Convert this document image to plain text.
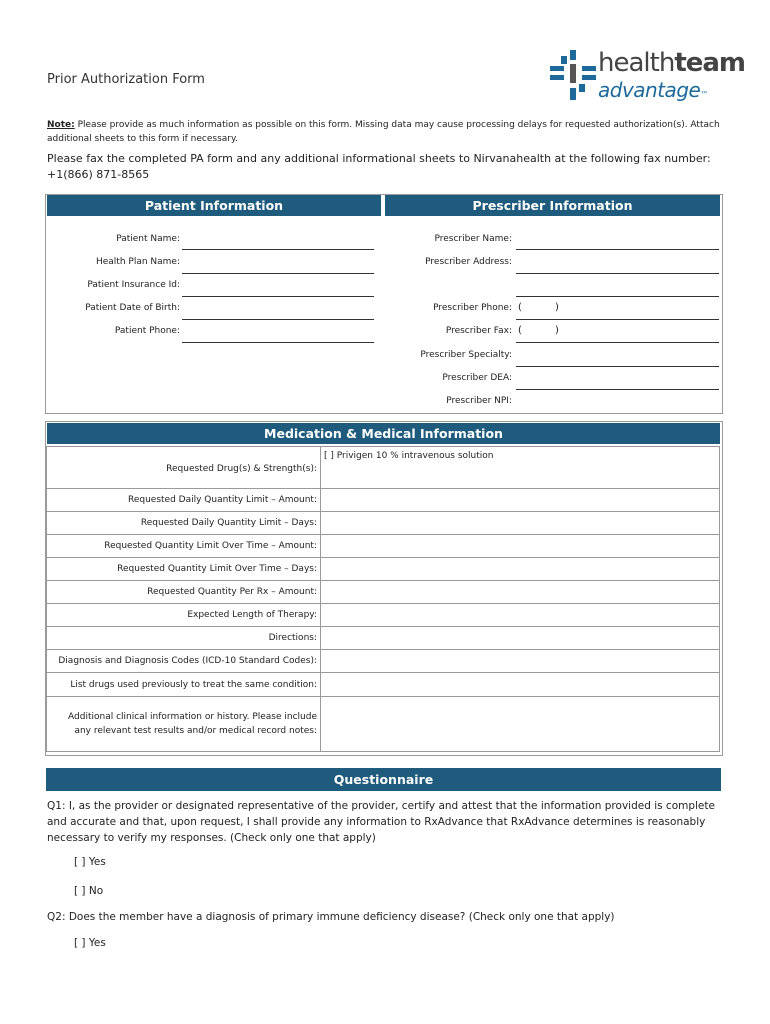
Prior Authorization Form
healthteam
advantage™
Note: Please provide as much information as possible on this form. Missing data may cause processing delays for requested authorization(s). Attach additional sheets to this form if necessary.
Please fax the completed PA form and any additional informational sheets to Nirvanahealth at the following fax number: +1(866) 871-8565
Patient Information	Prescriber Information
Patient Name:
Health Plan Name:
Patient Insurance Id:
Patient Date of Birth:
Patient Phone:
Prescriber Name:
Prescriber Address:
Prescriber Phone: (	)
Prescriber Fax: (	)
Prescriber Specialty:
Prescriber DEA:
Prescriber NPI:
Medication & Medical Information
Requested Drug(s) & Strength(s):	[ ] Privigen 10 % intravenous solution
Requested Daily Quantity Limit – Amount:	
Requested Daily Quantity Limit – Days:	
Requested Quantity Limit Over Time – Amount:	
Requested Quantity Limit Over Time – Days:	
Requested Quantity Per Rx – Amount:	
Expected Length of Therapy:	
Directions:	
Diagnosis and Diagnosis Codes (ICD-10 Standard Codes):	
List drugs used previously to treat the same condition:	
Additional clinical information or history. Please include any relevant test results and/or medical record notes:	
Questionnaire
Q1: I, as the provider or designated representative of the provider, certify and attest that the information provided is complete and accurate and that, upon request, I shall provide any information to RxAdvance that RxAdvance determines is reasonably necessary to verify my responses. (Check only one that apply)
[ ] Yes
[ ] No
Q2: Does the member have a diagnosis of primary immune deficiency disease? (Check only one that apply)
[ ] Yes
